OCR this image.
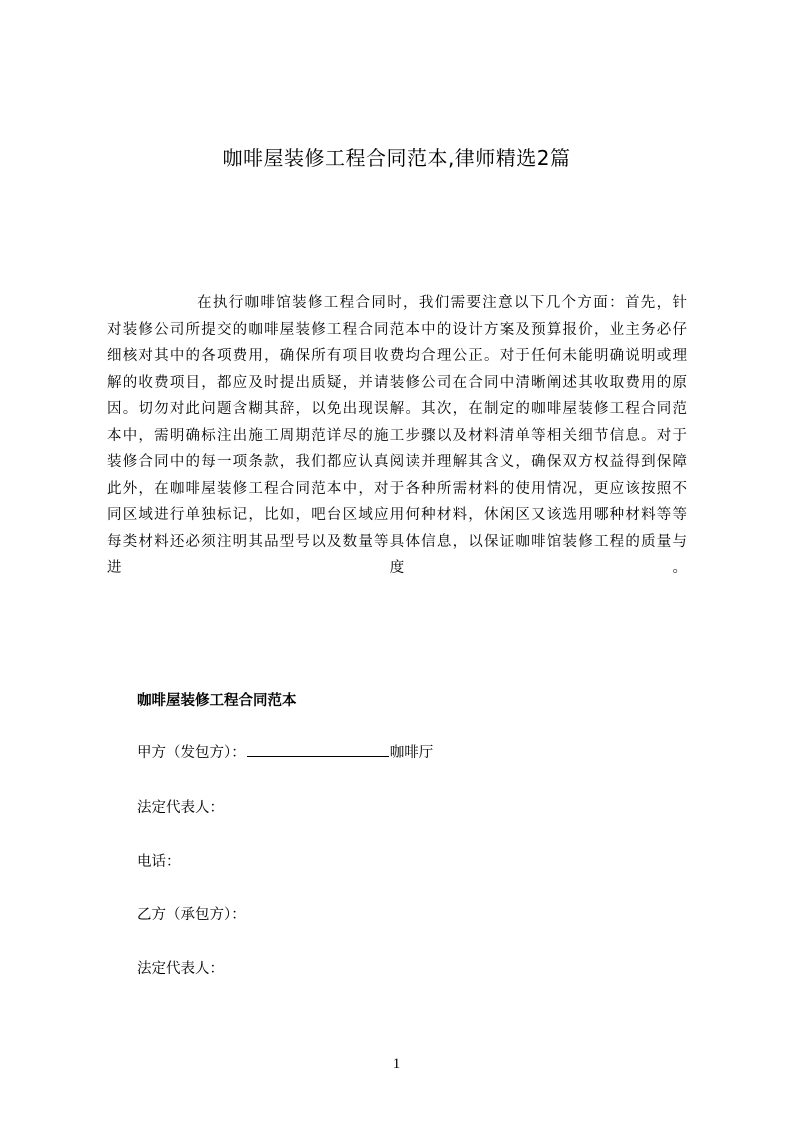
咖啡屋装修工程合同范本,律师精选2篇
在执行咖啡馆装修工程合同时，我们需要注意以下几个方面：首先，针
对装修公司所提交的咖啡屋装修工程合同范本中的设计方案及预算报价，业主务必仔
细核对其中的各项费用，确保所有项目收费均合理公正。对于任何未能明确说明或理
解的收费项目，都应及时提出质疑，并请装修公司在合同中清晰阐述其收取费用的原
因。切勿对此问题含糊其辞，以免出现误解。其次，在制定的咖啡屋装修工程合同范
本中，需明确标注出施工周期范详尽的施工步骤以及材料清单等相关细节信息。对于
装修合同中的每一项条款，我们都应认真阅读并理解其含义，确保双方权益得到保障
此外，在咖啡屋装修工程合同范本中，对于各种所需材料的使用情况，更应该按照不
同区域进行单独标记，比如，吧台区域应用何种材料，休闲区又该选用哪种材料等等
每类材料还必须注明其品型号以及数量等具体信息，以保证咖啡馆装修工程的质量与
进	度	。
咖啡屋装修工程合同范本
甲方（发包方）：	咖啡厅
法定代表人：
电话：
乙方（承包方）：
法定代表人：
1
